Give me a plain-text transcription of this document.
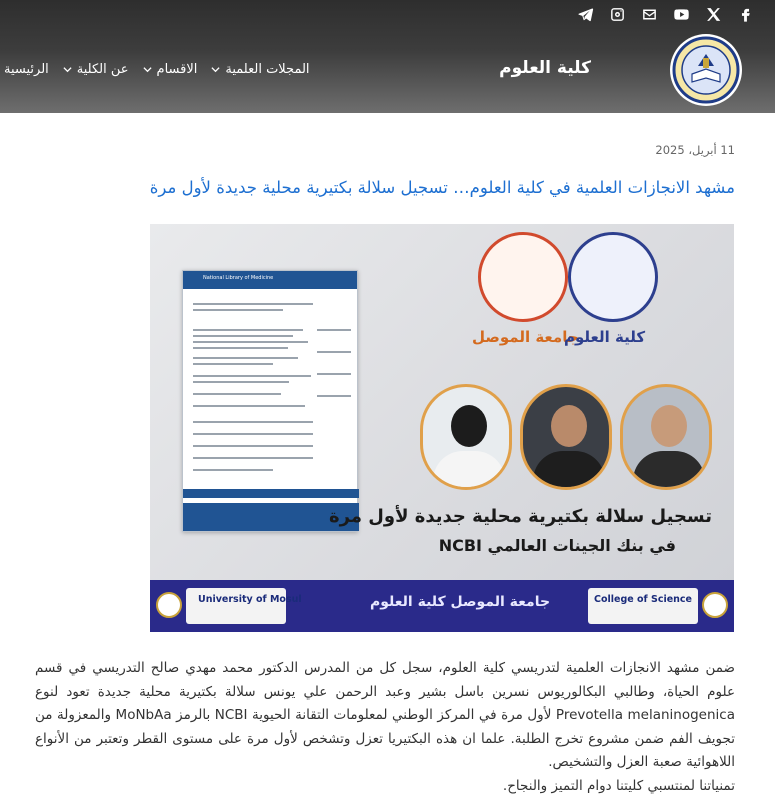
كلية العلوم
الرئيسية عن الكلية الاقسام المجلات العلمية
11 أبريل، 2025
مشهد الانجازات العلمية في كلية العلوم… تسجيل سلالة بكتيرية محلية جديدة لأول مرة
National Library of Medicine
جامعة الموصل
كلية العلوم
تسجيل سلالة بكتيرية محلية جديدة لأول مرة
في بنك الجينات العالمي NCBI
University of Mosul	جامعة الموصل كلية العلوم	College of Science

ضمن مشهد الانجازات العلمية لتدريسي كلية العلوم، سجل كل من المدرس الدكتور محمد مهدي صالح التدريسي في قسم علوم الحياة، وطالبي البكالوريوس نسرين باسل بشير وعبد الرحمن علي يونس سلالة بكتيرية محلية جديدة تعود لنوع Prevotella melaninogenica لأول مرة في المركز الوطني لمعلومات التقانة الحيوية NCBI بالرمز MoNbAa والمعزولة من تجويف الفم ضمن مشروع تخرج الطلبة. علما ان هذه البكتيريا تعزل وتشخص لأول مرة على مستوى القطر وتعتبر من الأنواع اللاهوائية صعبة العزل والتشخيص.

تمنياتنا لمنتسبي كليتنا دوام التميز والنجاح.
